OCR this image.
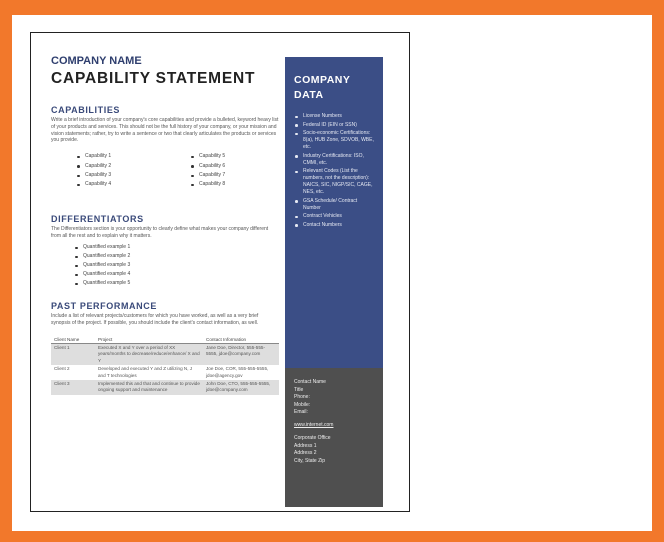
COMPANY NAME
CAPABILITY STATEMENT
CAPABILITIES
Write a brief introduction of your company's core capabilities and provide a bulleted, keyword heavy list of your products and services. This should not be the full history of your company, or your mission and vision statements; rather, try to write a sentence or two that clearly articulates the products or services you provide.
Capability 1
Capability 2
Capability 3
Capability 4
Capability 5
Capability 6
Capability 7
Capability 8
DIFFERENTIATORS
The Differentiators section is your opportunity to clearly define what makes your company different from all the rest and to explain why it matters.
Quantified example 1
Quantified example 2
Quantified example 3
Quantified example 4
Quantified example 5
PAST PERFORMANCE
Include a list of relevant projects/customers for which you have worked, as well as a very brief synopsis of the project. If possible, you should include the client's contact information, as well.
Client Name	Project	Contact Information
Client 1	Executed X and Y over a period of XX years/months to decrease/reduce/enhance/ X and Y	Jane Doe, Director, 555-555-5555, jdoe@company.com
Client 2	Developed and executed Y and Z utilizing N, J and T technologies	Joe Doe, COR, 555-555-5555, jdoe@agency.gov
Client 3	Implemented this and that and continue to provide ongoing support and maintenance	John Doe, CTO, 555-555-5555, jdoe@company.com
COMPANY
DATA
License Numbers
Federal ID (EIN or SSN)
Socio-economic Certifications: 8(a), HUB Zone, SDVOB, WBE, etc.
Industry Certifications: ISO, CMMI, etc.
Relevant Codes (List the numbers, not the description): NAICS, SIC, NIGP/SIC, CAGE, NES, etc.
GSA Schedule/ Contract Number
Contract Vehicles
Contact Numbers
Contact Name
Title
Phone:
Mobile:
Email:
www.internet.com
Corporate Office
Address 1
Address 2
City, State Zip
